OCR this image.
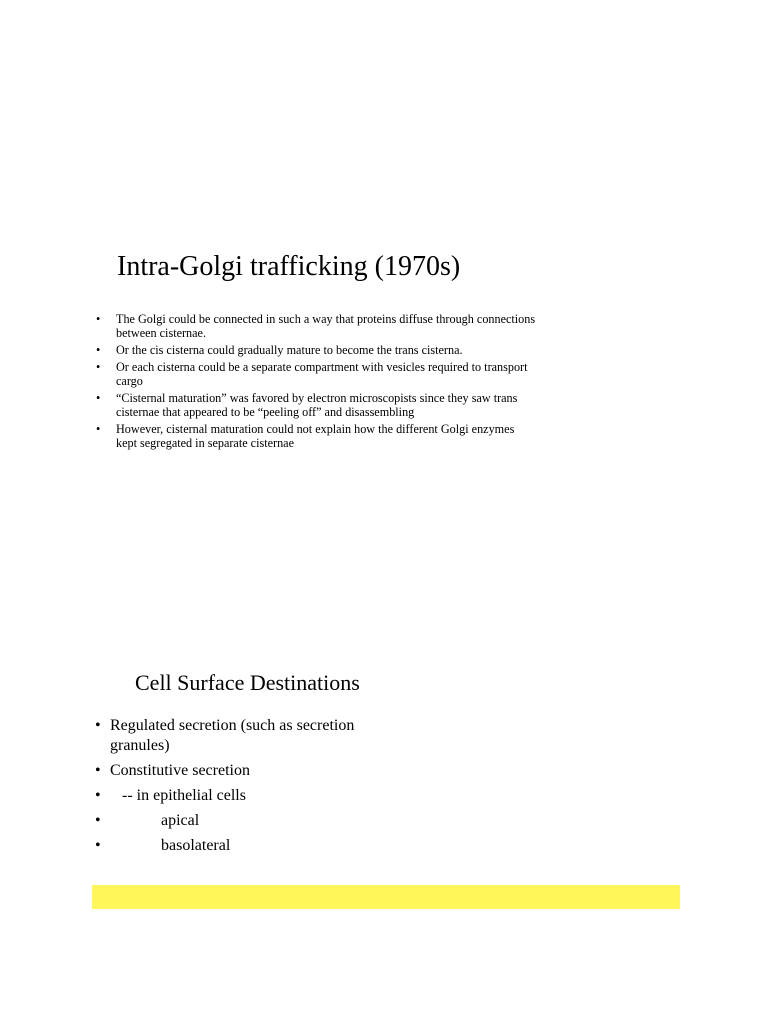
Intra-Golgi trafficking (1970s)
• The Golgi could be connected in such a way that proteins diffuse through connections between cisternae.
• Or the cis cisterna could gradually mature to become the trans cisterna.
• Or each cisterna could be a separate compartment with vesicles required to transport cargo
• “Cisternal maturation” was favored by electron microscopists since they saw trans cisternae that appeared to be “peeling off” and disassembling
• However, cisternal maturation could not explain how the different Golgi enzymes kept segregated in separate cisternae
Cell Surface Destinations
• Regulated secretion (such as secretion granules)
• Constitutive secretion
• -- in epithelial cells
•	apical
•	basolateral
